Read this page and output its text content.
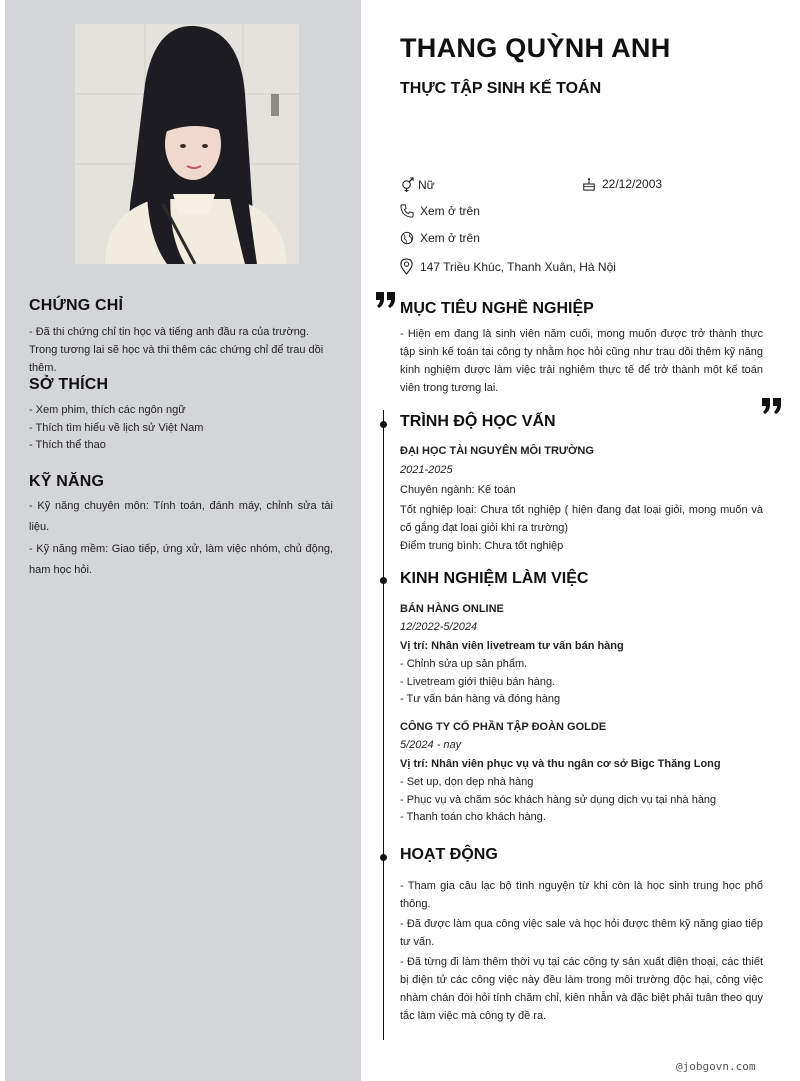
CHỨNG CHỈ

- Đã thi chứng chỉ tin học và tiếng anh đầu ra của trường. Trong tương lai sẽ học và thi thêm các chứng chỉ để trau dồi thêm.

SỞ THÍCH
- Xem phim, thích các ngôn ngữ
- Thích tìm hiểu về lịch sử Việt Nam
- Thích thể thao
KỸ NĂNG

- Kỹ năng chuyên môn: Tính toán, đánh máy, chỉnh sửa tài liệu.

- Kỹ năng mềm: Giao tiếp, ứng xử, làm việc nhóm, chủ động, ham học hỏi.

THANG QUỲNH ANH
THỰC TẬP SINH KẾ TOÁN
Nữ	22/12/2003
Xem ở trên
Xem ở trên
147 Triều Khúc, Thanh Xuân, Hà Nội
MỤC TIÊU NGHỀ NGHIỆP

- Hiện em đang là sinh viên năm cuối, mong muốn được trở thành thực tập sinh kế toán tại công ty nhằm học hỏi cũng như trau dồi thêm kỹ năng kinh nghiệm được làm việc trải nghiệm thực tế để trở thành một kế toán viên trong tương lai.

TRÌNH ĐỘ HỌC VẤN

ĐẠI HỌC TÀI NGUYÊN MÔI TRƯỜNG

2021-2025

Chuyên ngành: Kế toán

Tốt nghiệp loại: Chưa tốt nghiệp ( hiện đang đạt loại giỏi, mong muốn và cố gắng đạt loại giỏi khi ra trường)

Điểm trung bình: Chưa tốt nghiệp

KINH NGHIỆM LÀM VIỆC

BÁN HÀNG ONLINE

12/2022-5/2024

Vị trí: Nhân viên livetream tư vấn bán hàng

- Chỉnh sửa up sản phẩm.
- Livetream giới thiệu bán hàng.
- Tư vấn bán hàng và đóng hàng

CÔNG TY CỔ PHẦN TẬP ĐOÀN GOLDE

5/2024 - nay

Vị trí: Nhân viên phục vụ và thu ngân cơ sở Bigc Thăng Long

- Set up, dọn dẹp nhà hàng
- Phục vụ và chăm sóc khách hàng sử dụng dịch vụ tại nhà hàng
- Thanh toán cho khách hàng.
HOẠT ĐỘNG

- Tham gia câu lạc bộ tình nguyện từ khi còn là học sinh trung học phổ thông.

- Đã được làm qua công việc sale và học hỏi được thêm kỹ năng giao tiếp tư vấn.

- Đã từng đi làm thêm thời vụ tại các công ty sản xuất điện thoại, các thiết bị điện tử các công việc này đều làm trong môi trường độc hại, công việc nhàm chán đòi hỏi tính chăm chỉ, kiên nhẫn và đặc biệt phải tuân theo quy tắc làm việc mà công ty đề ra.

@jobgovn.com
